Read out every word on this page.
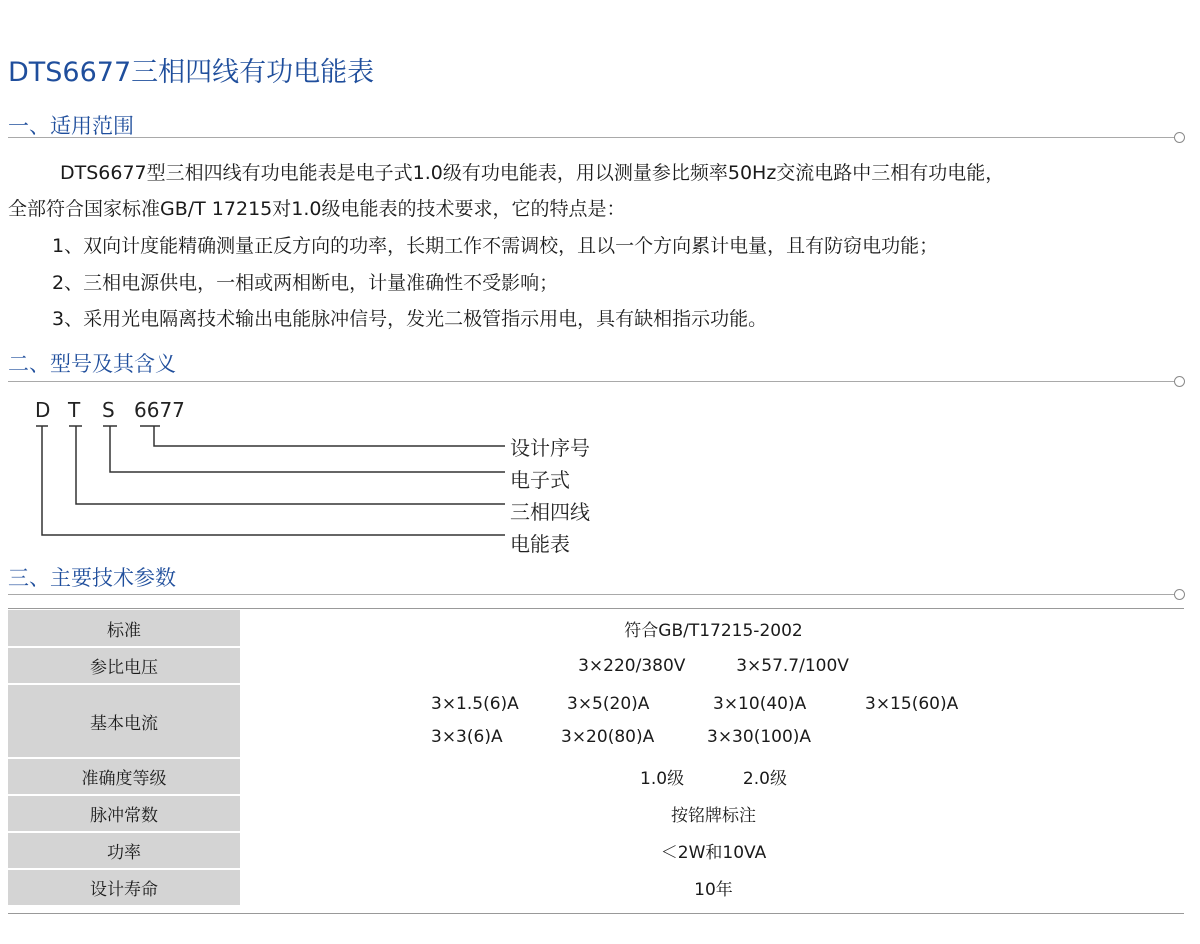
DTS6677三相四线有功电能表
一、适用范围
DTS6677型三相四线有功电能表是电子式1.0级有功电能表，用以测量参比频率50Hz交流电路中三相有功电能，
全部符合国家标准GB/T 17215对1.0级电能表的技术要求，它的特点是：
1、双向计度能精确测量正反方向的功率，长期工作不需调校，且以一个方向累计电量，且有防窃电功能；
2、三相电源供电，一相或两相断电，计量准确性不受影响；
3、采用光电隔离技术输出电能脉冲信号，发光二极管指示用电，具有缺相指示功能。
二、型号及其含义
D T S 6677
设计序号
电子式
三相四线
电能表
三、主要技术参数
标准	符合GB/T17215-2002
参比电压	3×220/380V 3×57.7/100V
基本电流	3×1.5(6)A 3×5(20)A 3×10(40)A 3×15(60)A
3×3(6)A 3×20(80)A 3×30(100)A

准确度等级	1.0级 2.0级
脉冲常数	按铭牌标注
功率	＜2W和10VA
设计寿命	10年
